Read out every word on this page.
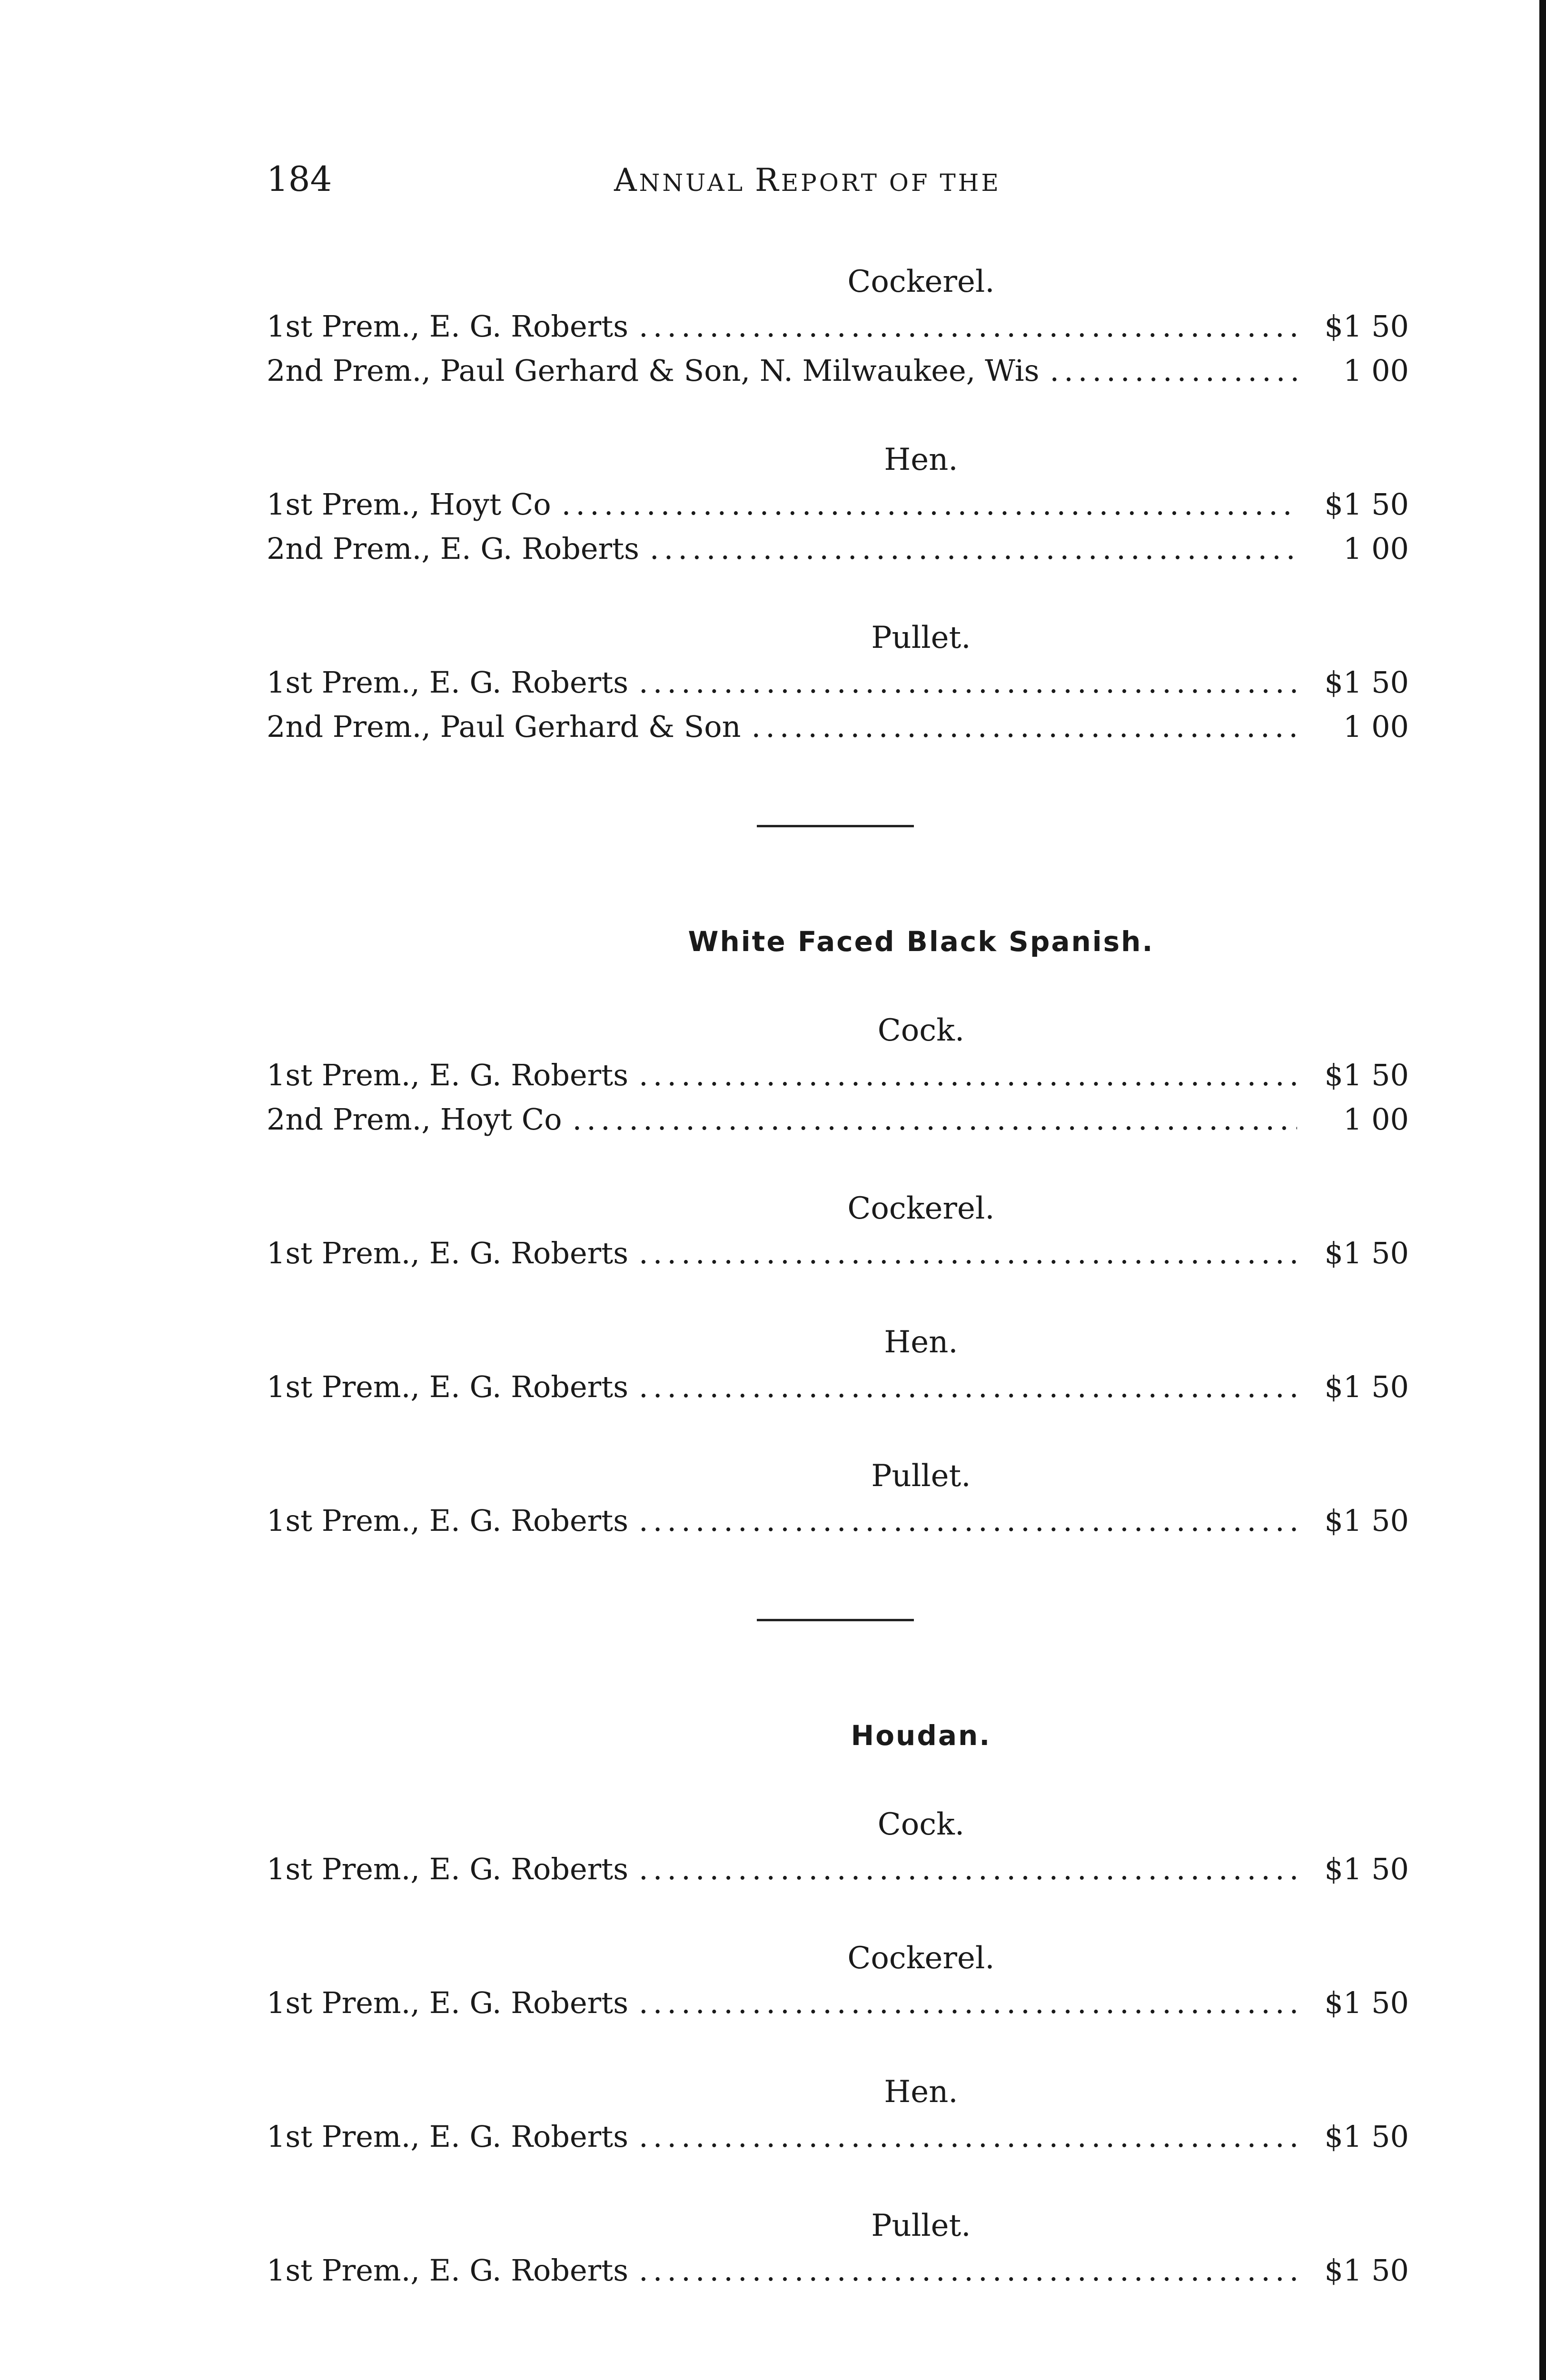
184	ANNUAL REPORT OF THE
Cockerel.
1st Prem., E. G. Roberts .....	$1 50
2nd Prem., Paul Gerhard & Son, N. Milwaukee, Wis .....	1 00
Hen.
1st Prem., Hoyt Co .....	$1 50
2nd Prem., E. G. Roberts .....	1 00
Pullet.
1st Prem., E. G. Roberts .....	$1 50
2nd Prem., Paul Gerhard & Son .....	1 00
White Faced Black Spanish.
Cock.
1st Prem., E. G. Roberts .....	$1 50
2nd Prem., Hoyt Co .....	1 00
Cockerel.
1st Prem., E. G. Roberts .....	$1 50
Hen.
1st Prem., E. G. Roberts .....	$1 50
Pullet.
1st Prem., E. G. Roberts .....	$1 50
Houdan.
Cock.
1st Prem., E. G. Roberts .....	$1 50
Cockerel.
1st Prem., E. G. Roberts .....	$1 50
Hen.
1st Prem., E. G. Roberts .....	$1 50
Pullet.
1st Prem., E. G. Roberts .....	$1 50
